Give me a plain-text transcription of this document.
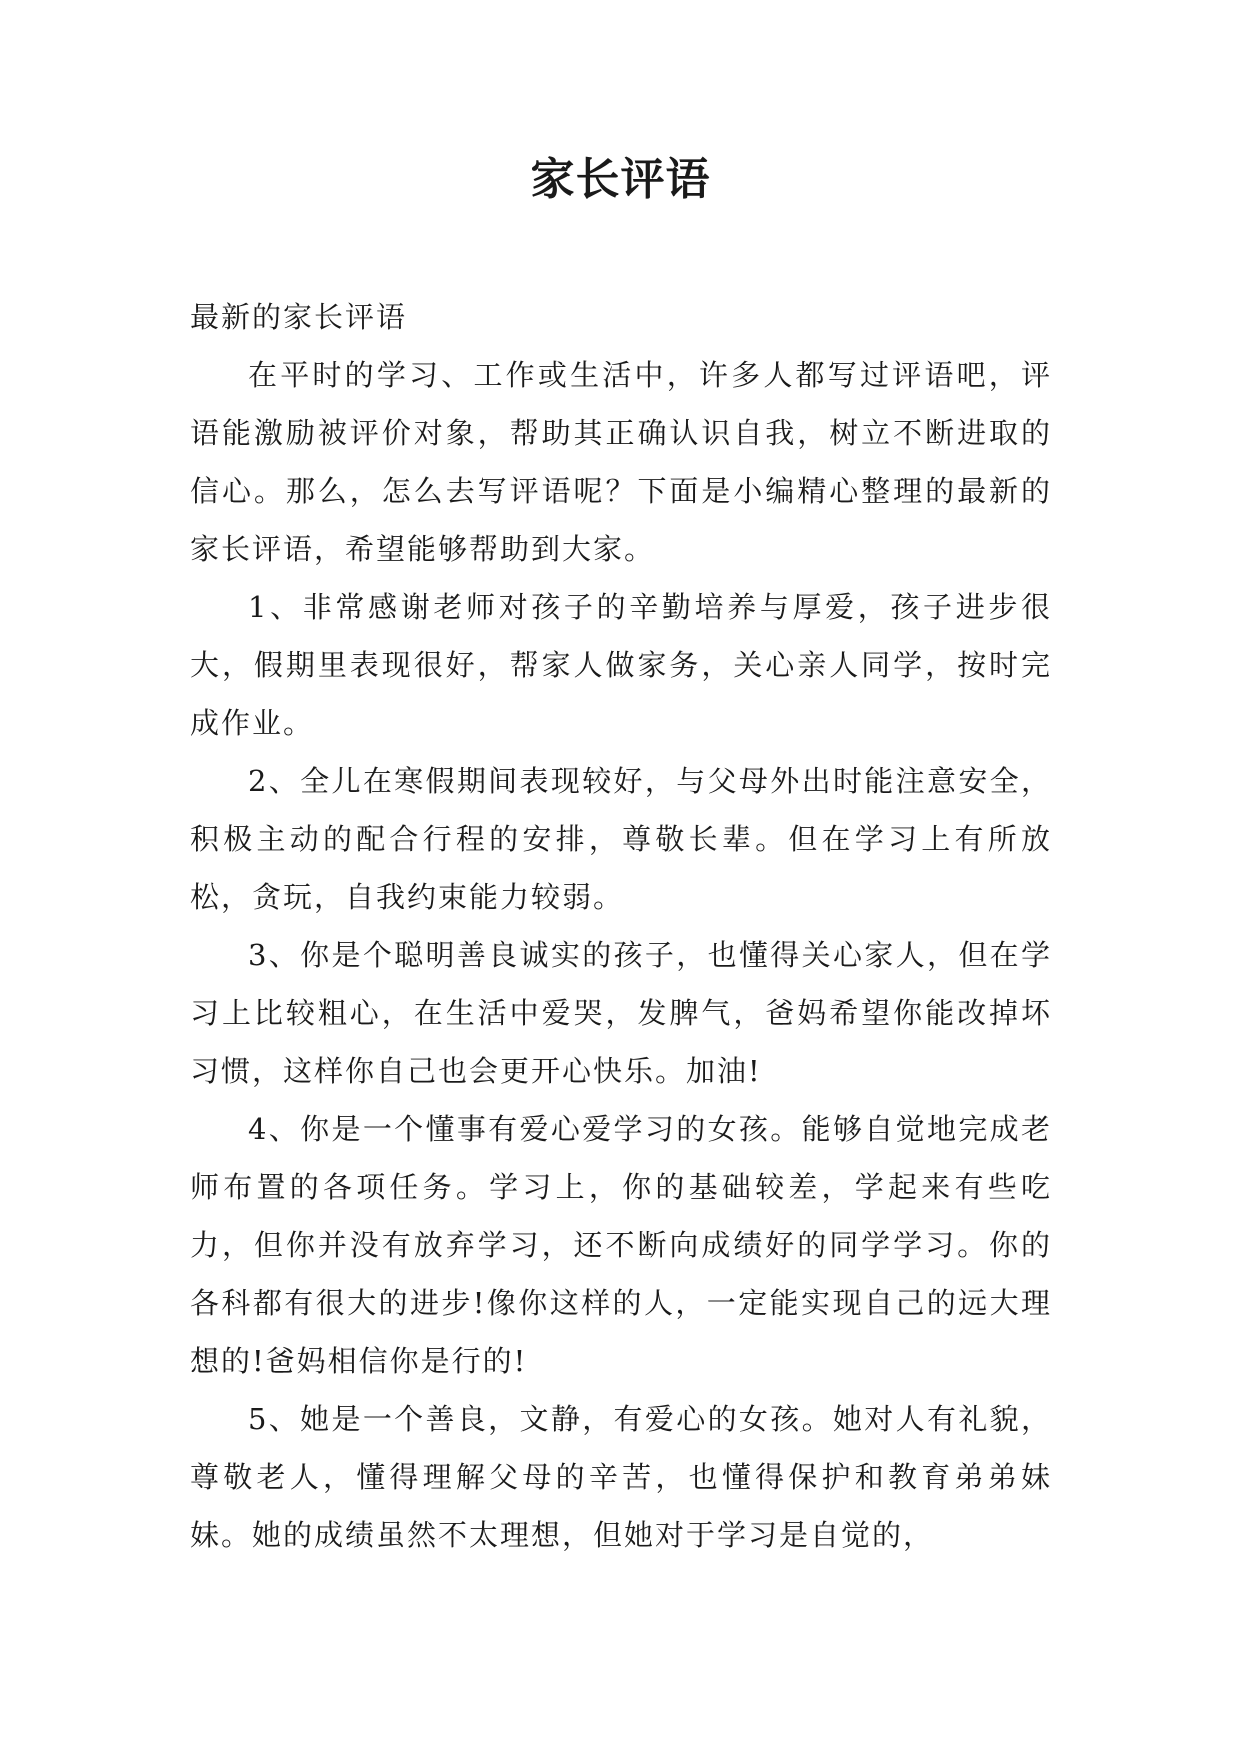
家长评语

最新的家长评语

在平时的学习、工作或生活中，许多人都写过评语吧，评语能激励被评价对象，帮助其正确认识自我，树立不断进取的信心。那么，怎么去写评语呢？下面是小编精心整理的最新的家长评语，希望能够帮助到大家。

1、非常感谢老师对孩子的辛勤培养与厚爱，孩子进步很大，假期里表现很好，帮家人做家务，关心亲人同学，按时完成作业。

2、全儿在寒假期间表现较好，与父母外出时能注意安全，积极主动的配合行程的安排，尊敬长辈。但在学习上有所放松，贪玩，自我约束能力较弱。

3、你是个聪明善良诚实的孩子，也懂得关心家人，但在学习上比较粗心，在生活中爱哭，发脾气，爸妈希望你能改掉坏习惯，这样你自己也会更开心快乐。加油!

4、你是一个懂事有爱心爱学习的女孩。能够自觉地完成老师布置的各项任务。学习上，你的基础较差，学起来有些吃力，但你并没有放弃学习，还不断向成绩好的同学学习。你的各科都有很大的进步!像你这样的人，一定能实现自己的远大理想的!爸妈相信你是行的!

5、她是一个善良，文静，有爱心的女孩。她对人有礼貌，尊敬老人，懂得理解父母的辛苦，也懂得保护和教育弟弟妹妹。她的成绩虽然不太理想，但她对于学习是自觉的，
